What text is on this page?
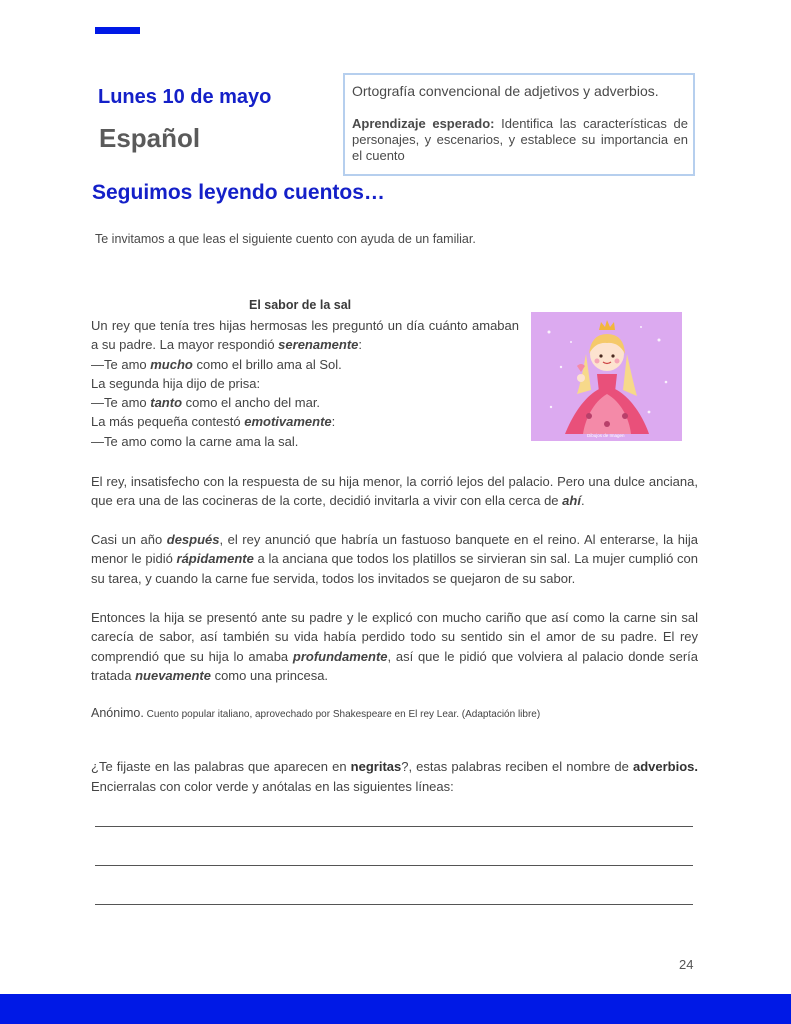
Lunes 10 de mayo
Español

Ortografía convencional de adjetivos y adverbios.

Aprendizaje esperado: Identifica las características de personajes, y escenarios, y establece su importancia en el cuento

Seguimos leyendo cuentos…
Te invitamos a que leas el siguiente cuento con ayuda de un familiar.
El sabor de la sal
Un rey que tenía tres hijas hermosas les preguntó un día cuánto amaban a su padre. La mayor respondió serenamente:
—Te amo mucho como el brillo ama al Sol.
La segunda hija dijo de prisa:
—Te amo tanto como el ancho del mar.
La más pequeña contestó emotivamente:
—Te amo como la carne ama la sal.	Dibujos de Imagen

El rey, insatisfecho con la respuesta de su hija menor, la corrió lejos del palacio. Pero una dulce anciana, que era una de las cocineras de la corte, decidió invitarla a vivir con ella cerca de ahí.

Casi un año después, el rey anunció que habría un fastuoso banquete en el reino. Al enterarse, la hija menor le pidió rápidamente a la anciana que todos los platillos se sirvieran sin sal. La mujer cumplió con su tarea, y cuando la carne fue servida, todos los invitados se quejaron de su sabor.

Entonces la hija se presentó ante su padre y le explicó con mucho cariño que así como la carne sin sal carecía de sabor, así también su vida había perdido todo su sentido sin el amor de su padre. El rey comprendió que su hija lo amaba profundamente, así que le pidió que volviera al palacio donde sería tratada nuevamente como una princesa.

Anónimo. Cuento popular italiano, aprovechado por Shakespeare en El rey Lear. (Adaptación libre)

¿Te fijaste en las palabras que aparecen en negritas?, estas palabras reciben el nombre de adverbios. Encierralas con color verde y anótalas en las siguientes líneas:

24
